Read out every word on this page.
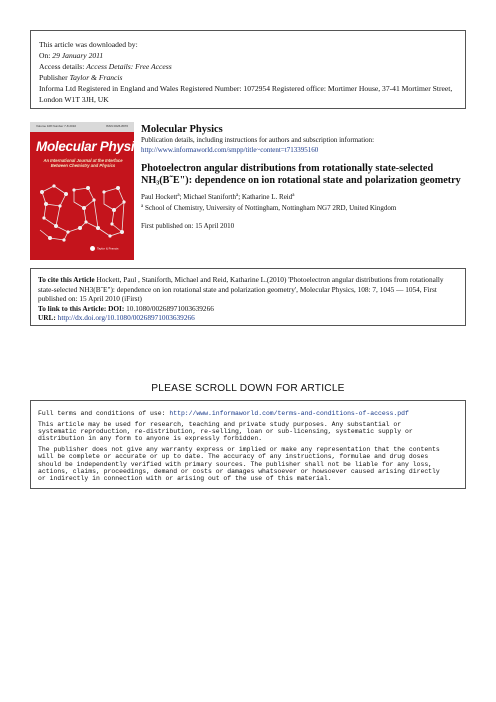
This article was downloaded by:
On: 29 January 2011
Access details: Access Details: Free Access
Publisher Taylor & Francis
Informa Ltd Registered in England and Wales Registered Number: 1072954 Registered office: Mortimer House, 37-41 Mortimer Street, London W1T 3JH, UK
Volume 108 Number 7-8 2010	ISSN 0026-8976
Molecular Physics
An International Journal at the Interface Between Chemistry and Physics
Taylor & Francis
Molecular Physics
Publication details, including instructions for authors and subscription information:
http://www.informaworld.com/smpp/title~content=t713395160
Photoelectron angular distributions from rotationally state-selected $NH_3(B˜E")$: dependence on ion rotational state and polarization geometry
Paul Hockett$^a$; Michael Staniforth$^a$; Katharine L. Reid$^a$
$^a$ School of Chemistry, University of Nottingham, Nottingham NG7 2RD, United Kingdom
First published on: 15 April 2010
To cite this Article Hockett, Paul , Staniforth, Michael and Reid, Katharine L.(2010) 'Photoelectron angular distributions from rotationally state-selected NH3(B˜E"): dependence on ion rotational state and polarization geometry', Molecular Physics, 108: 7, 1045 — 1054, First published on: 15 April 2010 (iFirst)
To link to this Article: DOI: 10.1080/00268971003639266
URL: http://dx.doi.org/10.1080/00268971003639266
PLEASE SCROLL DOWN FOR ARTICLE

Full terms and conditions of use: http://www.informaworld.com/terms-and-conditions-of-access.pdf

This article may be used for research, teaching and private study purposes. Any substantial or
systematic reproduction, re-distribution, re-selling, loan or sub-licensing, systematic supply or
distribution in any form to anyone is expressly forbidden.

The publisher does not give any warranty express or implied or make any representation that the contents
will be complete or accurate or up to date. The accuracy of any instructions, formulae and drug doses
should be independently verified with primary sources. The publisher shall not be liable for any loss,
actions, claims, proceedings, demand or costs or damages whatsoever or howsoever caused arising directly
or indirectly in connection with or arising out of the use of this material.
